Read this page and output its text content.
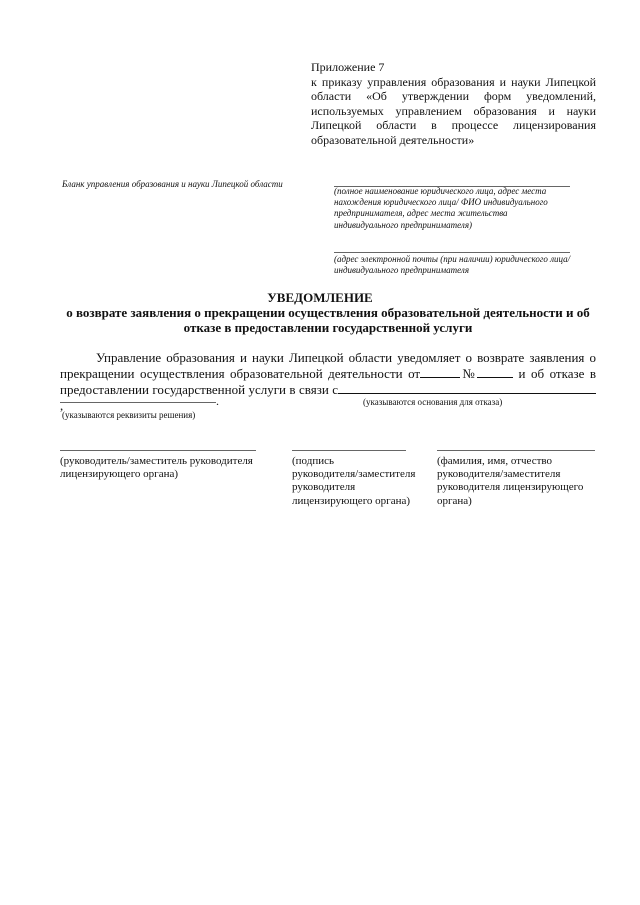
Приложение 7

к приказу управления образования и науки Липецкой области «Об утверждении форм уведомлений, используемых управлением образования и науки Липецкой области в процессе лицензирования образовательной деятельности»

Бланк управления образования и науки Липецкой области
(полное наименование юридического лица, адрес места нахождения юридического лица/ ФИО индивидуального предпринимателя, адрес места жительства индивидуального предпринимателя)
(адрес электронной почты (при наличии) юридического лица/индивидуального предпринимателя
УВЕДОМЛЕНИЕ
о возврате заявления о прекращении осуществления образовательной деятельности и об отказе в предоставлении государственной услуги

Управление образования и науки Липецкой области уведомляет о возврате заявления о прекращении осуществления образовательной деятельности от	№	и об отказе в предоставлении государственной услуги в связи с,	.	(указываются основания для отказа)
(указываются реквизиты решения)
(руководитель/заместитель руководителя
лицензирующего органа)
(подпись
руководителя/заместителя
руководителя
лицензирующего органа)
(фамилия, имя, отчество
руководителя/заместителя
руководителя лицензирующего
органа)
